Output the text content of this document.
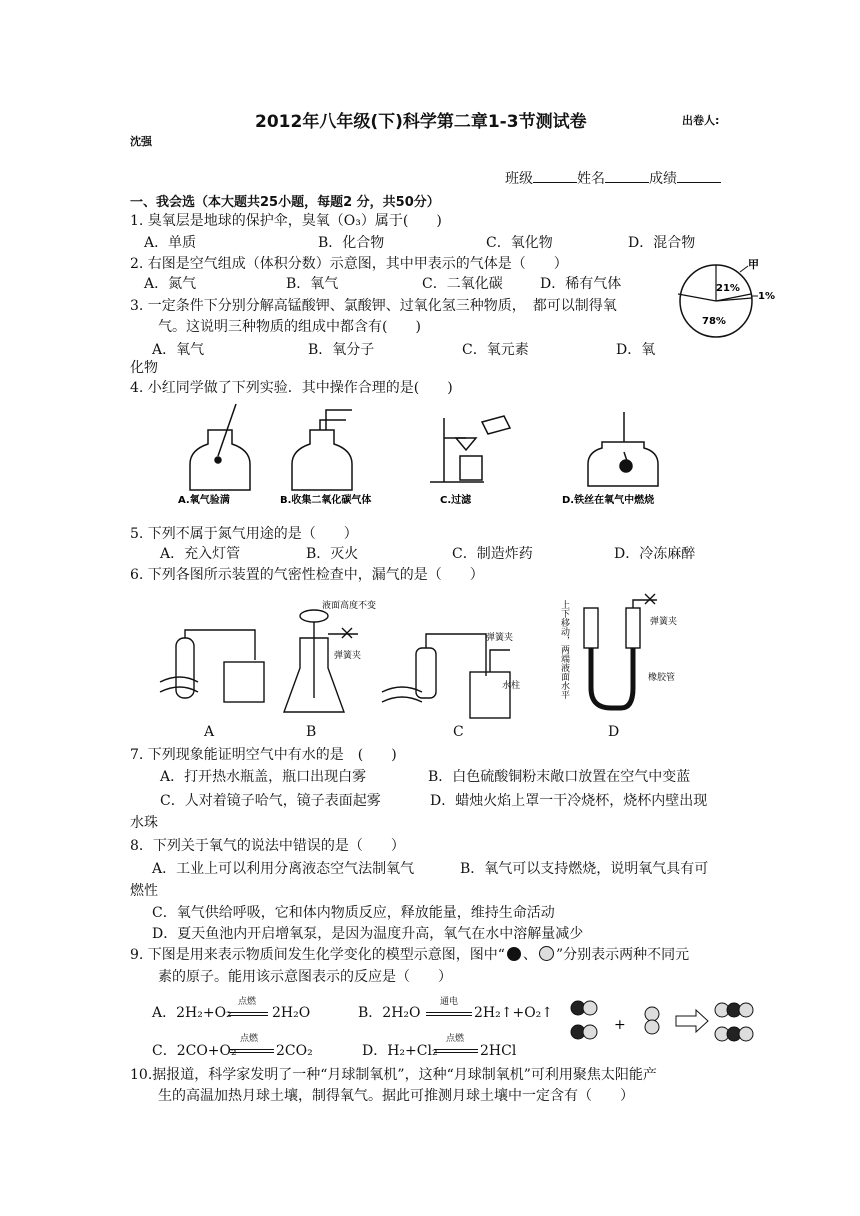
2012年八年级(下)科学第二章1-3节测试卷	出卷人:
沈强
班级	姓名	成绩
一、我会选（本大题共25小题，每题2 分，共50分）
1. 臭氧层是地球的保护伞，臭氧（O₃）属于(　　)
A．单质	B．化合物	C．氧化物	D．混合物
2. 右图是空气组成（体积分数）示意图，其中甲表示的气体是（　　）
A．氮气	B．氧气	C．二氧化碳	D．稀有气体
甲
21%
1%
78%
3. 一定条件下分别分解高锰酸钾、氯酸钾、过氧化氢三种物质，　都可以制得氧
气。这说明三种物质的组成中都含有(　　)
A．氧气	B．氧分子	C．氧元素	D．氧
化物
4. 小红同学做了下列实验．其中操作合理的是(　　)
A.氧气验满	B.收集二氧化碳气体	C.过滤	D.铁丝在氧气中燃烧
5. 下列不属于氮气用途的是（　　）
A．充入灯管	B．灭火	C．制造炸药	D．冷冻麻醉
6. 下列各图所示装置的气密性检查中，漏气的是（　　）
液面高度不变
弹簧夹
弹簧夹
水柱
弹簧夹
橡胶管
上下移动，两端液面水平
A	B	C	D
7. 下列现象能证明空气中有水的是　(　　)
A．打开热水瓶盖，瓶口出现白雾	B．白色硫酸铜粉末敞口放置在空气中变蓝
C．人对着镜子哈气，镜子表面起雾	D．蜡烛火焰上罩一干冷烧杯，烧杯内壁出现
水珠
8．下列关于氧气的说法中错误的是（　　）
A．工业上可以利用分离液态空气法制氧气	B．氧气可以支持燃烧，说明氧气具有可
燃性
C．氧气供给呼吸，它和体内物质反应，释放能量，维持生命活动
D．夏天鱼池内开启增氧泵，是因为温度升高，氧气在水中溶解量减少
9. 下图是用来表示物质间发生化学变化的模型示意图，图中“ 、 ”分别表示两种不同元
素的原子。能用该示意图表示的反应是（　　）
A．2H₂+O₂
点燃
2H₂O	B．2H₂O
通电
2H₂↑+O₂↑
C．2CO+O₂
点燃
2CO₂	D．H₂+Cl₂
点燃
2HCl
+
10.据报道，科学家发明了一种“月球制氧机”，这种“月球制氧机”可利用聚焦太阳能产
生的高温加热月球土壤，制得氧气。据此可推测月球土壤中一定含有（　　）
